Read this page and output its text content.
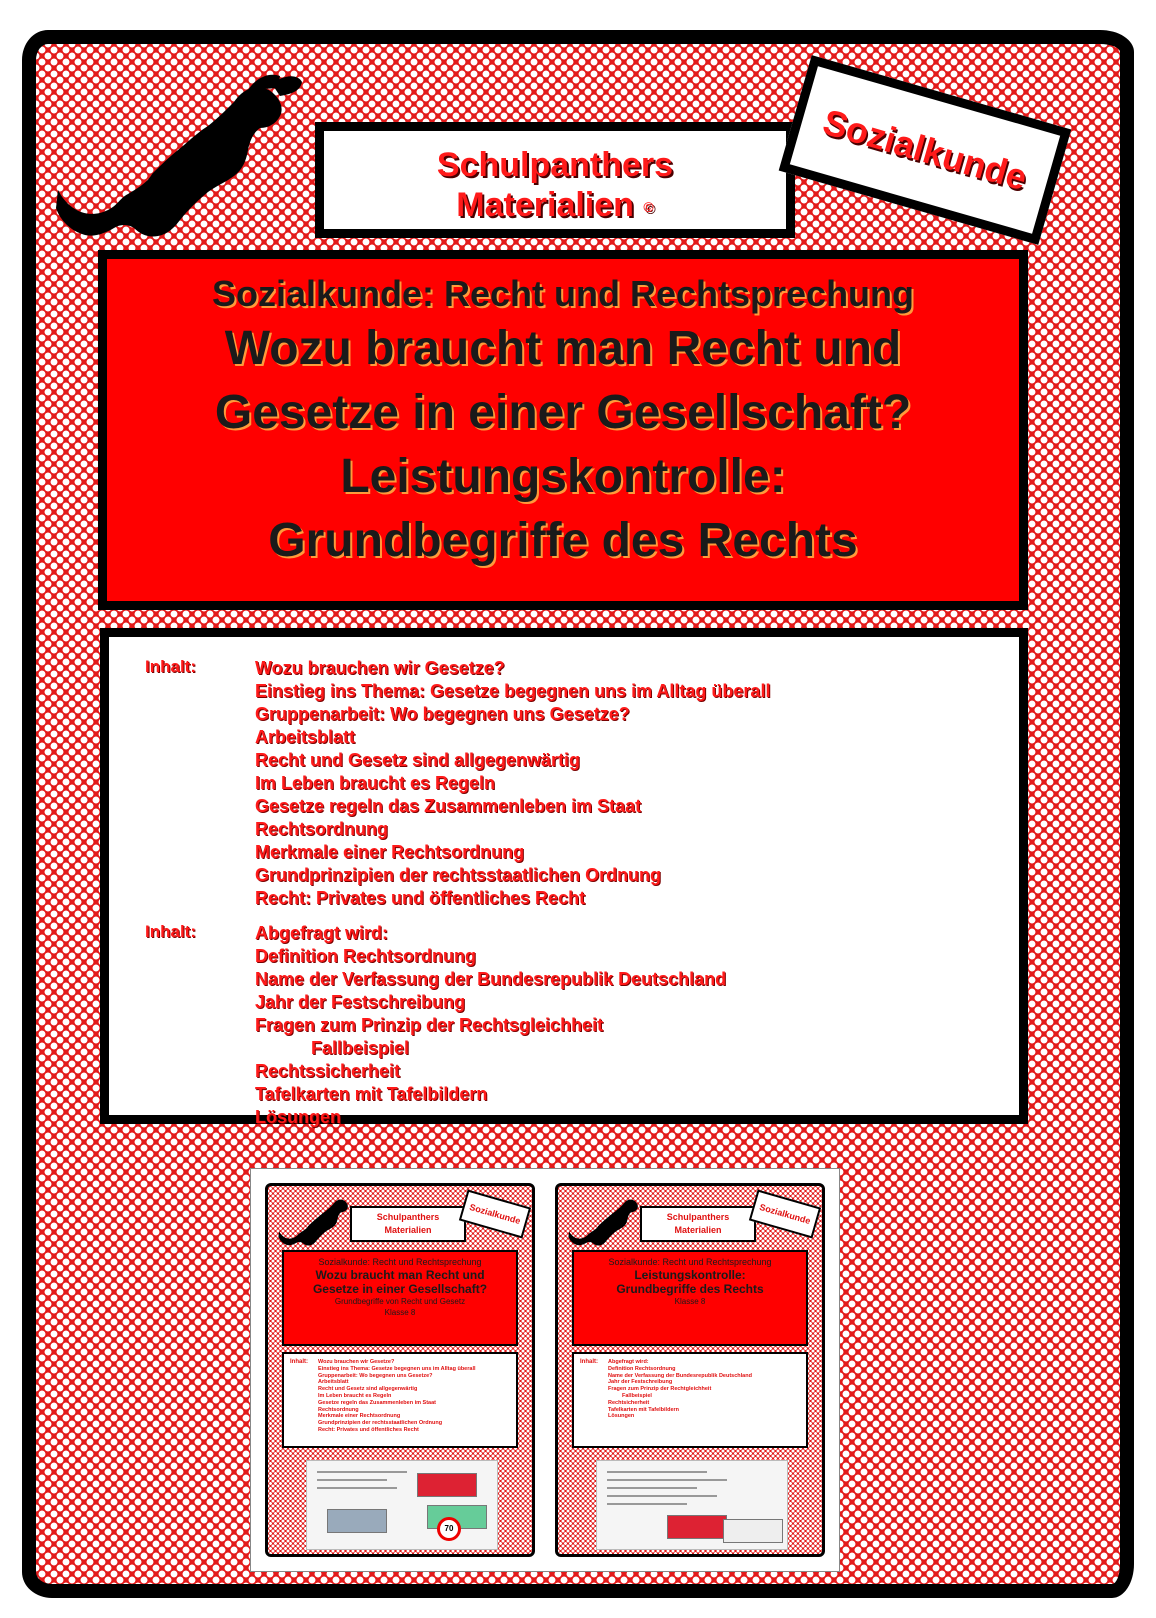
Schulpanthers
Materialien ©
Sozialkunde
Sozialkunde: Recht und Rechtsprechung
Wozu braucht man Recht und
Gesetze in einer Gesellschaft?
Leistungskontrolle:
Grundbegriffe des Rechts
Inhalt:	Wozu brauchen wir Gesetze?
Einstieg ins Thema: Gesetze begegnen uns im Alltag überall
Gruppenarbeit: Wo begegnen uns Gesetze?
Arbeitsblatt
Recht und Gesetz sind allgegenwärtig
Im Leben braucht es Regeln
Gesetze regeln das Zusammenleben im Staat
Rechtsordnung
Merkmale einer Rechtsordnung
Grundprinzipien der rechtsstaatlichen Ordnung
Recht: Privates und öffentliches Recht
Inhalt:	Abgefragt wird:
Definition Rechtsordnung
Name der Verfassung der Bundesrepublik Deutschland
Jahr der Festschreibung
Fragen zum Prinzip der Rechtsgleichheit
Fallbeispiel
Rechtssicherheit
Tafelkarten mit Tafelbildern
Lösungen
Schulpanthers
Materialien
Sozialkunde
Sozialkunde: Recht und Rechtsprechung
Wozu braucht man Recht und
Gesetze in einer Gesellschaft?
Grundbegriffe von Recht und Gesetz
Klasse 8
Inhalt:	Wozu brauchen wir Gesetze?
Einstieg ins Thema: Gesetze begegnen uns im Alltag überall
Gruppenarbeit: Wo begegnen uns Gesetze?
Arbeitsblatt
Recht und Gesetz sind allgegenwärtig
Im Leben braucht es Regeln
Gesetze regeln das Zusammenleben im Staat
Rechtsordnung
Merkmale einer Rechtsordnung
Grundprinzipien der rechtsstaatlichen Ordnung
Recht: Privates und öffentliches Recht
70
Schulpanthers
Materialien
Sozialkunde
Sozialkunde: Recht und Rechtsprechung
Leistungskontrolle:
Grundbegriffe des Rechts
Klasse 8
Inhalt:	Abgefragt wird:
Definition Rechtsordnung
Name der Verfassung der Bundesrepublik Deutschland
Jahr der Festschreibung
Fragen zum Prinzip der Rechtgleichheit
Fallbeispiel
Rechtsicherheit
Tafelkarten mit Tafelbildern
Lösungen
